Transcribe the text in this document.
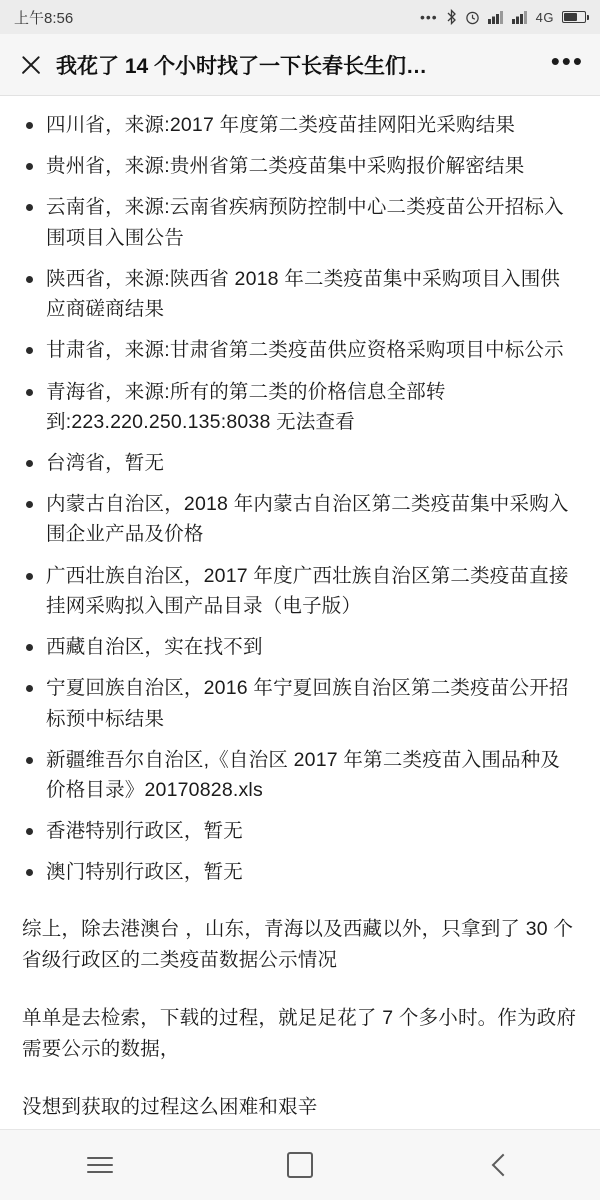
上午8:56	•••	4G
我花了 14 个小时找了一下长春长生们…	•••
四川省，来源:2017 年度第二类疫苗挂网阳光采购结果
贵州省，来源:贵州省第二类疫苗集中采购报价解密结果
云南省，来源:云南省疾病预防控制中心二类疫苗公开招标入围项目入围公告
陕西省，来源:陕西省 2018 年二类疫苗集中采购项目入围供应商磋商结果
甘肃省，来源:甘肃省第二类疫苗供应资格采购项目中标公示
青海省，来源:所有的第二类的价格信息全部转到:223.220.250.135:8038 无法查看
台湾省，暂无
内蒙古自治区，2018 年内蒙古自治区第二类疫苗集中采购入围企业产品及价格
广西壮族自治区，2017 年度广西壮族自治区第二类疫苗直接挂网采购拟入围产品目录（电子版）
西藏自治区，实在找不到
宁夏回族自治区，2016 年宁夏回族自治区第二类疫苗公开招标预中标结果
新疆维吾尔自治区,《自治区 2017 年第二类疫苗入围品种及价格目录》20170828.xls
香港特别行政区，暂无
澳门特别行政区，暂无

综上，除去港澳台 ，山东，青海以及西藏以外，只拿到了 30 个省级行政区的二类疫苗数据公示情况

单单是去检索，下载的过程，就足足花了 7 个多小时。作为政府需要公示的数据，

没想到获取的过程这么困难和艰辛
